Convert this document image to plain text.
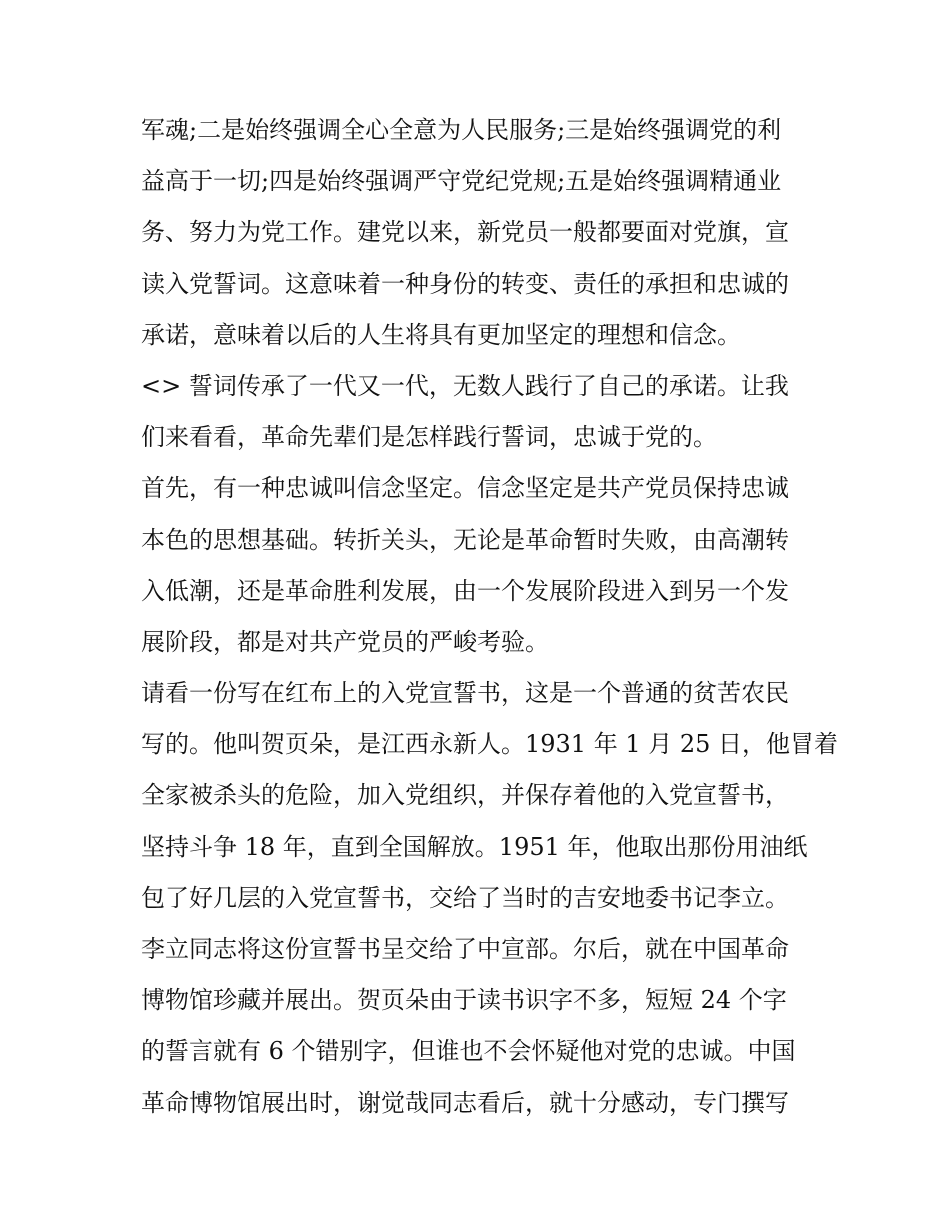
军魂;二是始终强调全心全意为人民服务;三是始终强调党的利
益高于一切;四是始终强调严守党纪党规;五是始终强调精通业
务、努力为党工作。建党以来，新党员一般都要面对党旗，宣
读入党誓词。这意味着一种身份的转变、责任的承担和忠诚的
承诺，意味着以后的人生将具有更加坚定的理想和信念。
<> 誓词传承了一代又一代，无数人践行了自己的承诺。让我
们来看看，革命先辈们是怎样践行誓词，忠诚于党的。
首先，有一种忠诚叫信念坚定。信念坚定是共产党员保持忠诚
本色的思想基础。转折关头，无论是革命暂时失败，由高潮转
入低潮，还是革命胜利发展，由一个发展阶段进入到另一个发
展阶段，都是对共产党员的严峻考验。
请看一份写在红布上的入党宣誓书，这是一个普通的贫苦农民
写的。他叫贺页朵，是江西永新人。1931 年 1 月 25 日，他冒着
全家被杀头的危险，加入党组织，并保存着他的入党宣誓书，
坚持斗争 18 年，直到全国解放。1951 年，他取出那份用油纸
包了好几层的入党宣誓书，交给了当时的吉安地委书记李立。
李立同志将这份宣誓书呈交给了中宣部。尔后，就在中国革命
博物馆珍藏并展出。贺页朵由于读书识字不多，短短 24 个字
的誓言就有 6 个错别字，但谁也不会怀疑他对党的忠诚。中国
革命博物馆展出时，谢觉哉同志看后，就十分感动，专门撰写
